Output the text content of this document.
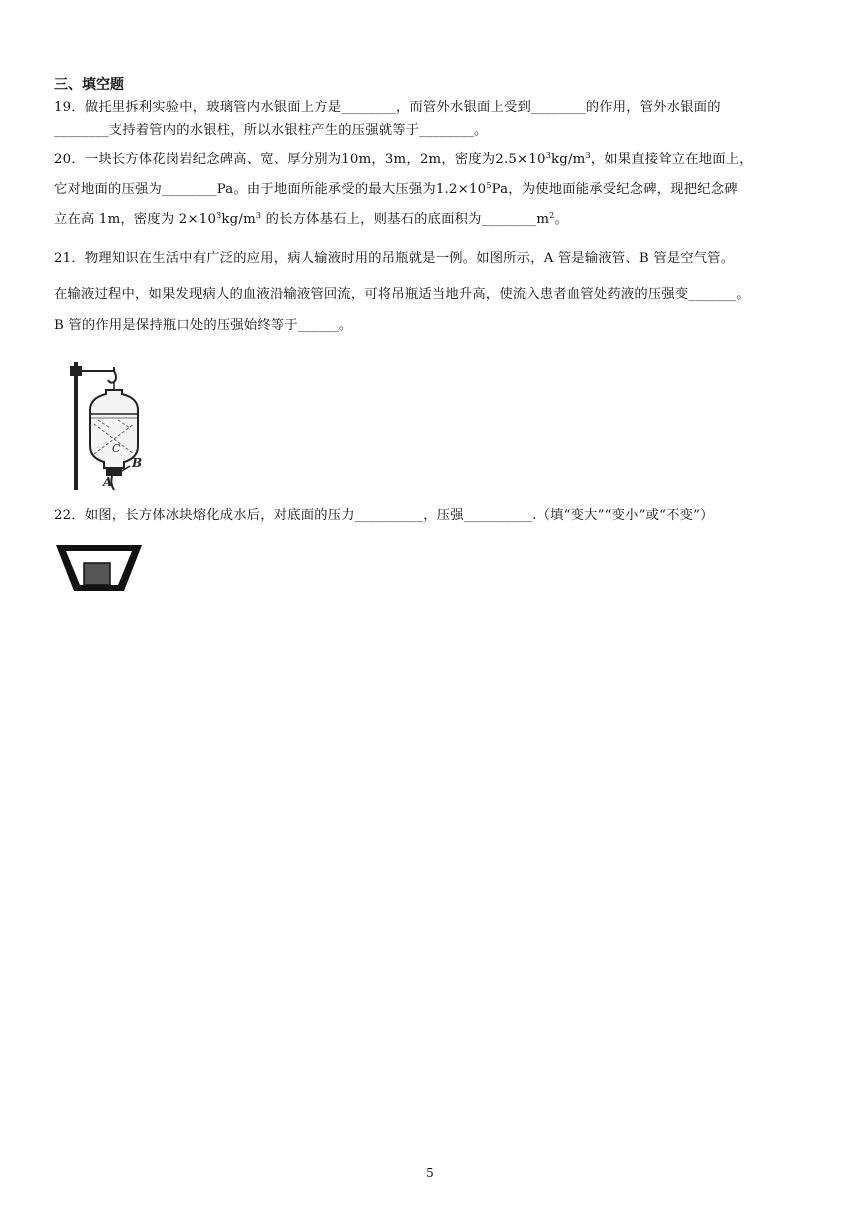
三、填空题
19．做托里拆利实验中，玻璃管内水银面上方是________，而管外水银面上受到________的作用，管外水银面的
________支持着管内的水银柱，所以水银柱产生的压强就等于________。
20．一块长方体花岗岩纪念碑高、宽、厚分别为10m，3m，2m，密度为$2.5\times 10^3kg/m^3$，如果直接耸立在地面上，
它对地面的压强为________Pa。由于地面所能承受的最大压强为$1.2\times 10^5Pa$，为使地面能承受纪念碑，现把纪念碑
立在高 1m，密度为 $2\times 10^3kg/m^3$ 的长方体基石上，则基石的底面积为$\_\_\_\_\_\_\_\_m^2$。
21．物理知识在生活中有广泛的应用，病人输液时用的吊瓶就是一例。如图所示，A 管是输液管、B 管是空气管。
在输液过程中，如果发现病人的血液沿输液管回流，可将吊瓶适当地升高，使流入患者血管处药液的压强变_______。
B 管的作用是保持瓶口处的压强始终等于______。
C
A
B
22．如图，长方体冰块熔化成水后，对底面的压力__________，压强__________.（填“变大”“变小”或“不变”）
5
